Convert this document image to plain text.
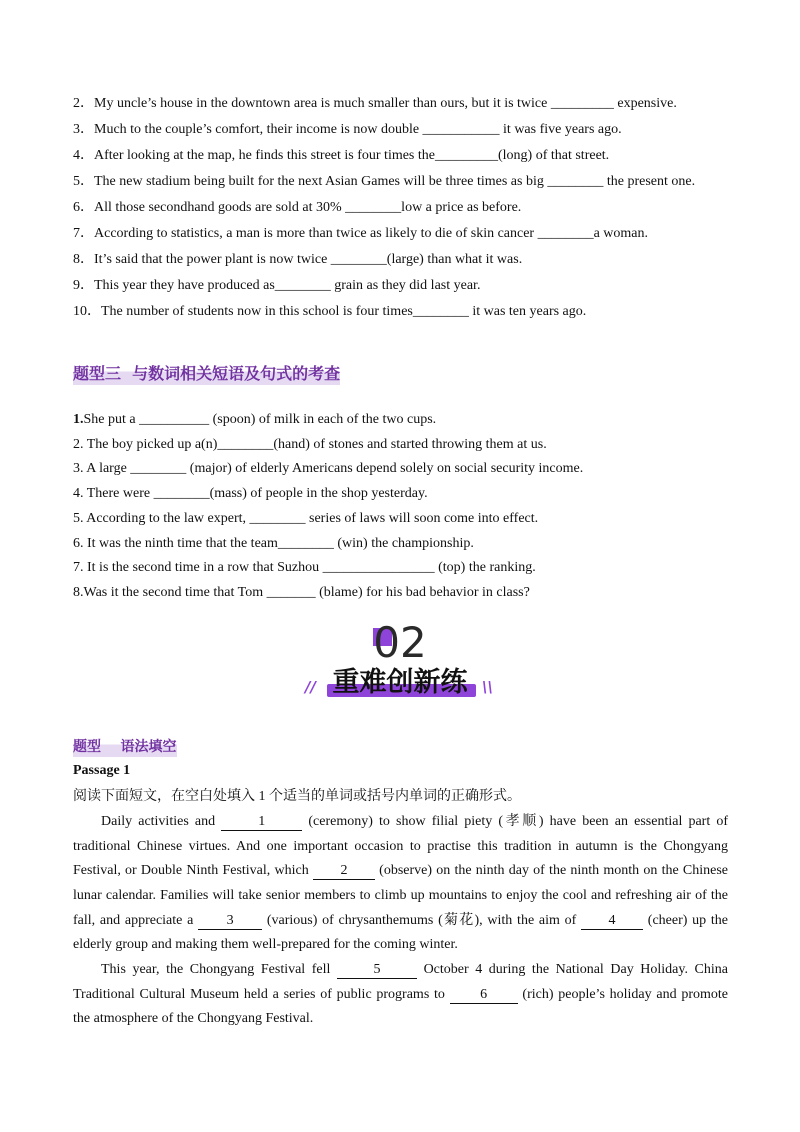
2．My uncle’s house in the downtown area is much smaller than ours, but it is twice _________ expensive.
3．Much to the couple’s comfort, their income is now double ___________ it was five years ago.
4．After looking at the map, he finds this street is four times the_________(long) of that street.
5．The new stadium being built for the next Asian Games will be three times as big ________ the present one.
6．All those secondhand goods are sold at 30% ________low a price as before.
7．According to statistics, a man is more than twice as likely to die of skin cancer ________a woman.
8．It’s said that the power plant is now twice ________(large) than what it was.
9．This year they have produced as________ grain as they did last year.
10．The number of students now in this school is four times________ it was ten years ago.
题型三  与数词相关短语及句式的考查
1.She put a __________ (spoon) of milk in each of the two cups.
2. The boy picked up a(n)________(hand) of stones and started throwing them at us.
3. A large ________ (major) of elderly Americans depend solely on social security income.
4. There were ________(mass) of people in the shop yesterday.
5. According to the law expert, ________ series of laws will soon come into effect.
6. It was the ninth time that the team________ (win) the championship.
7. It is the second time in a row that Suzhou ________________ (top) the ranking.
8.Was it the second time that Tom _______ (blame) for his bad behavior in class?
02
重难创新练
//	\\
题型    语法填空
Passage 1
阅读下面短文，在空白处填入 1 个适当的单词或括号内单词的正确形式。

Daily activities and	1	(ceremony) to show filial piety (孝顺) have been an essential part of traditional Chinese virtues. And one important occasion to practise this tradition in autumn is the Chongyang Festival, or Double Ninth Festival, which 2 (observe) on the ninth day of the ninth month on the Chinese lunar calendar. Families will take senior members to climb up mountains to enjoy the cool and refreshing air of the fall, and appreciate a 3 (various) of chrysanthemums (菊花), with the aim of 4 (cheer) up the elderly group and making them well-prepared for the coming winter.

This year, the Chongyang Festival fell	5	October 4 during the National Day Holiday. China Traditional Cultural Museum held a series of public programs to 6 (rich) people’s holiday and promote the atmosphere of the Chongyang Festival.
